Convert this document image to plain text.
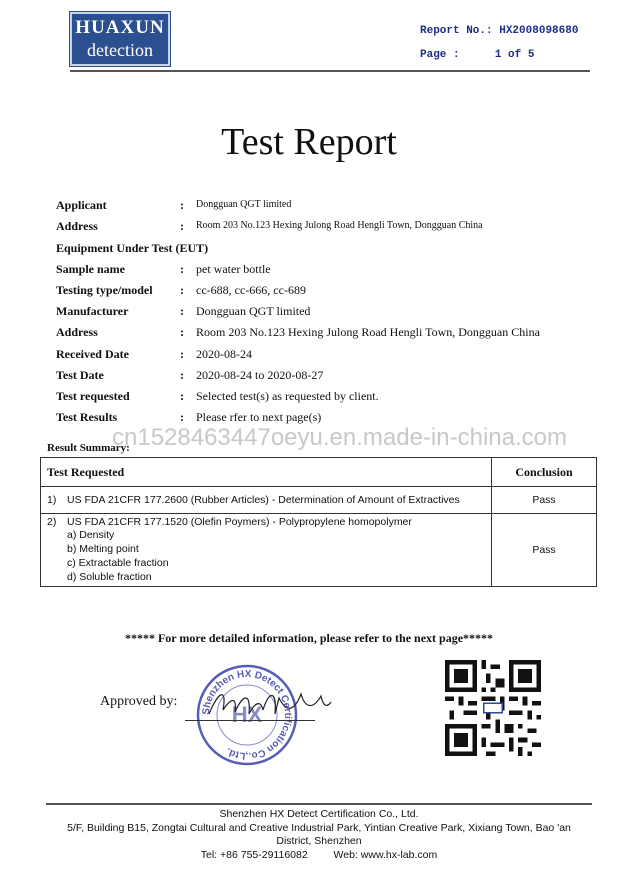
HUAXUN
detection
Report No.: HX2008098680
Page :	1 of 5
Test Report
Applicant	: Dongguan QGT limited
Address	: Room 203 No.123 Hexing Julong Road Hengli Town, Dongguan China
Equipment Under Test (EUT)
Sample name	: pet water bottle
Testing type/model : cc-688, cc-666, cc-689
Manufacturer	: Dongguan QGT limited
Address	: Room 203 No.123 Hexing Julong Road Hengli Town, Dongguan China
Received Date	: 2020-08-24
Test Date	: 2020-08-24 to 2020-08-27
Test requested	: Selected test(s) as requested by client.
Test Results	: Please rfer to next page(s)
cn1528463447oeyu.en.made-in-china.com
Result Summary:
Test Requested	Conclusion
1) US FDA 21CFR 177.2600 (Rubber Articles) - Determination of Amount of Extractives	Pass

2) US FDA 21CFR 177.1520 (Olefin Poymers) - Polypropylene homopolymer
a) Density
b) Melting point
c) Extractable fraction
d) Soluble fraction	Pass
***** For more detailed information, please refer to the next page*****
Approved by:
Shenzhen HX Detect Certification Co.,Ltd.
HX
Shenzhen HX Detect Certification Co., Ltd.
5/F, Building B15, Zongtai Cultural and Creative Industrial Park, Yintian Creative Park, Xixiang Town, Bao 'an
District, Shenzhen
Tel: +86 755-29116082 Web: www.hx-lab.com
